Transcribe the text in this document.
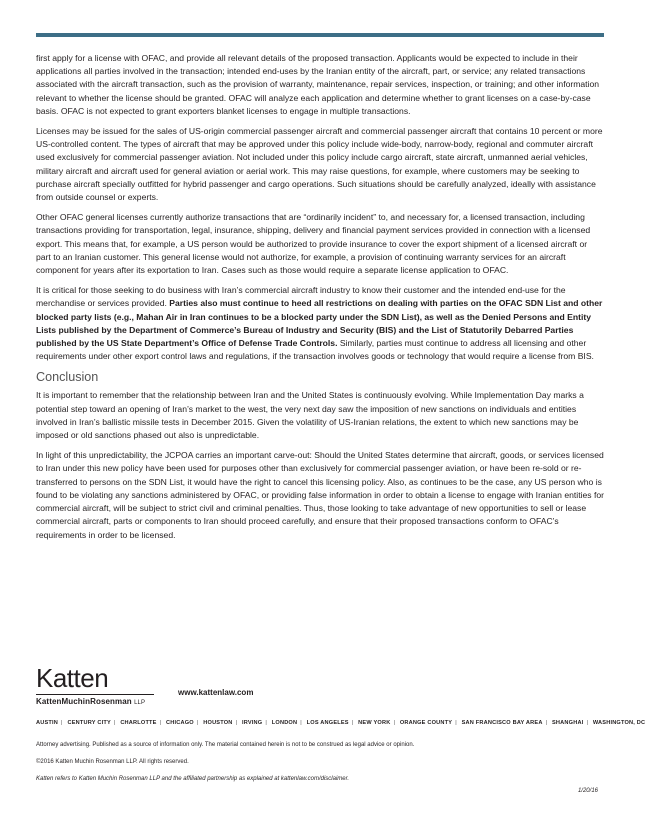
first apply for a license with OFAC, and provide all relevant details of the proposed transaction. Applicants would be expected to include in their applications all parties involved in the transaction; intended end-uses by the Iranian entity of the aircraft, part, or service; any related transactions associated with the aircraft transaction, such as the provision of warranty, maintenance, repair services, inspection, or training; and other information relevant to whether the license should be granted. OFAC will analyze each application and determine whether to grant licenses on a case-by-case basis. OFAC is not expected to grant exporters blanket licenses to engage in multiple transactions.

Licenses may be issued for the sales of US-origin commercial passenger aircraft and commercial passenger aircraft that contains 10 percent or more US-controlled content. The types of aircraft that may be approved under this policy include wide-body, narrow-body, regional and commuter aircraft used exclusively for commercial passenger aviation. Not included under this policy include cargo aircraft, state aircraft, unmanned aerial vehicles, military aircraft and aircraft used for general aviation or aerial work. This may raise questions, for example, where customers may be seeking to purchase aircraft specially outfitted for hybrid passenger and cargo operations. Such situations should be carefully analyzed, ideally with assistance from outside counsel or experts.

Other OFAC general licenses currently authorize transactions that are “ordinarily incident” to, and necessary for, a licensed transaction, including transactions providing for transportation, legal, insurance, shipping, delivery and financial payment services provided in connection with a licensed export. This means that, for example, a US person would be authorized to provide insurance to cover the export shipment of a licensed aircraft or part to an Iranian customer. This general license would not authorize, for example, a provision of continuing warranty services for an aircraft component for years after its exportation to Iran. Cases such as those would require a separate license application to OFAC.

It is critical for those seeking to do business with Iran’s commercial aircraft industry to know their customer and the intended end-use for the merchandise or services provided. Parties also must continue to heed all restrictions on dealing with parties on the OFAC SDN List and other blocked party lists (e.g., Mahan Air in Iran continues to be a blocked party under the SDN List), as well as the Denied Persons and Entity Lists published by the Department of Commerce’s Bureau of Industry and Security (BIS) and the List of Statutorily Debarred Parties published by the US State Department’s Office of Defense Trade Controls. Similarly, parties must continue to address all licensing and other requirements under other export control laws and regulations, if the transaction involves goods or technology that would require a license from BIS.

Conclusion

It is important to remember that the relationship between Iran and the United States is continuously evolving. While Implementation Day marks a potential step toward an opening of Iran’s market to the west, the very next day saw the imposition of new sanctions on individuals and entities involved in Iran’s ballistic missile tests in December 2015. Given the volatility of US-Iranian relations, the extent to which new sanctions may be imposed or old sanctions phased out also is unpredictable.

In light of this unpredictability, the JCPOA carries an important carve-out: Should the United States determine that aircraft, goods, or services licensed to Iran under this new policy have been used for purposes other than exclusively for commercial passenger aviation, or have been re-sold or re-transferred to persons on the SDN List, it would have the right to cancel this licensing policy. Also, as continues to be the case, any US person who is found to be violating any sanctions administered by OFAC, or providing false information in order to obtain a license to engage with Iranian entities for commercial aircraft, will be subject to strict civil and criminal penalties. Thus, those looking to take advantage of new opportunities to sell or lease commercial aircraft, parts or components to Iran should proceed carefully, and ensure that their proposed transactions conform to OFAC’s requirements in order to be licensed.

Katten
KattenMuchinRosenman LLP
www.kattenlaw.com
AUSTIN | CENTURY CITY | CHARLOTTE | CHICAGO | HOUSTON | IRVING | LONDON | LOS ANGELES | NEW YORK | ORANGE COUNTY | SAN FRANCISCO BAY AREA | SHANGHAI | WASHINGTON, DC
Attorney advertising. Published as a source of information only. The material contained herein is not to be construed as legal advice or opinion.
©2016 Katten Muchin Rosenman LLP. All rights reserved.
Katten refers to Katten Muchin Rosenman LLP and the affiliated partnership as explained at kattenlaw.com/disclaimer.
1/20/16
